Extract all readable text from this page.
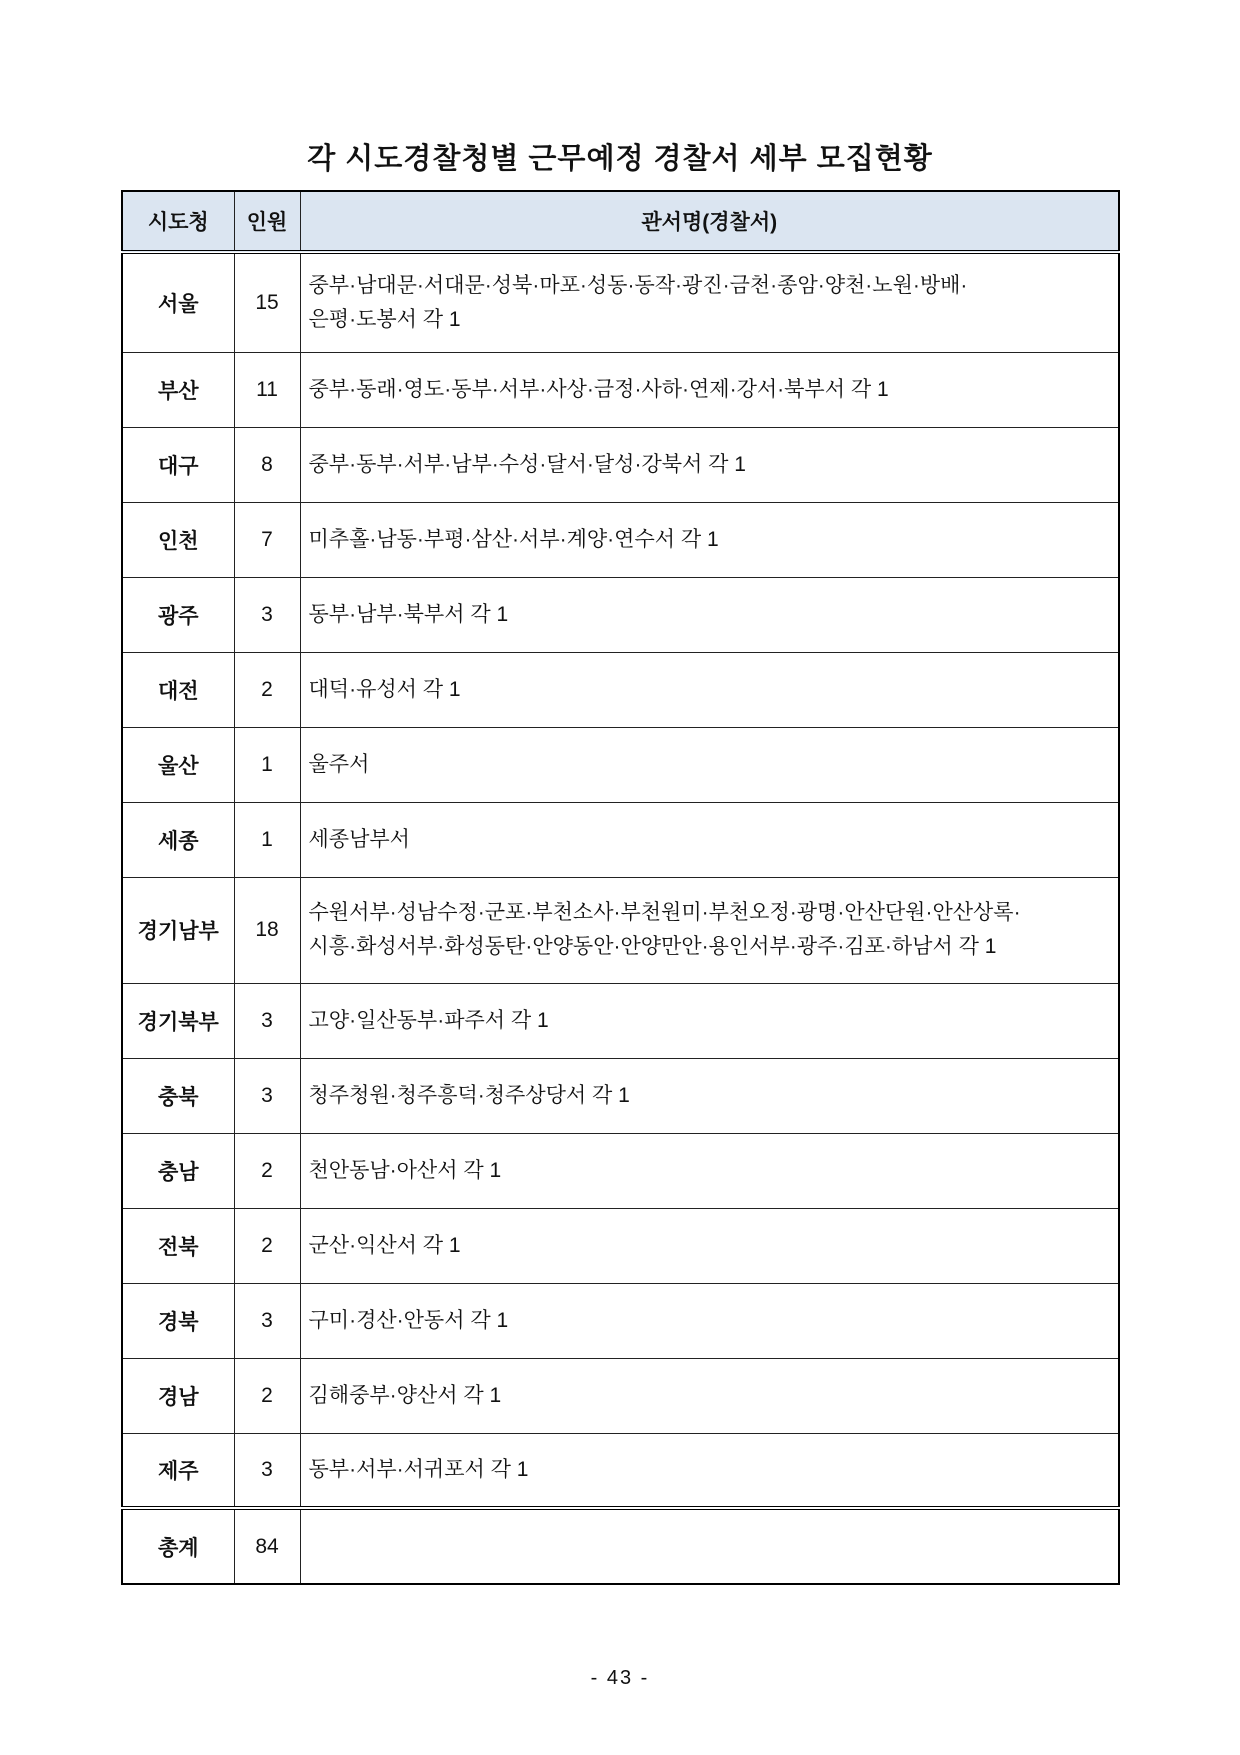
각 시도경찰청별 근무예정 경찰서 세부 모집현황
시도청	인원	관서명(경찰서)
서울	15	중부·남대문·서대문·성북·마포·성동·동작·광진·금천·종암·양천·노원·방배·
은평·도봉서 각 1

부산	11	중부·동래·영도·동부·서부·사상·금정·사하·연제·강서·북부서 각 1

대구	8	중부·동부·서부·남부·수성·달서·달성·강북서 각 1

인천	7	미추홀·남동·부평·삼산·서부·계양·연수서 각 1

광주	3	동부·남부·북부서 각 1

대전	2	대덕·유성서 각 1

울산	1	울주서

세종	1	세종남부서

경기남부	18	수원서부·성남수정·군포·부천소사·부천원미·부천오정·광명·안산단원·안산상록·
시흥·화성서부·화성동탄·안양동안·안양만안·용인서부·광주·김포·하남서 각 1

경기북부	3	고양·일산동부·파주서 각 1

충북	3	청주청원·청주흥덕·청주상당서 각 1

충남	2	천안동남·아산서 각 1

전북	2	군산·익산서 각 1

경북	3	구미·경산·안동서 각 1

경남	2	김해중부·양산서 각 1

제주	3	동부·서부·서귀포서 각 1

총계	84	
- 43 -
